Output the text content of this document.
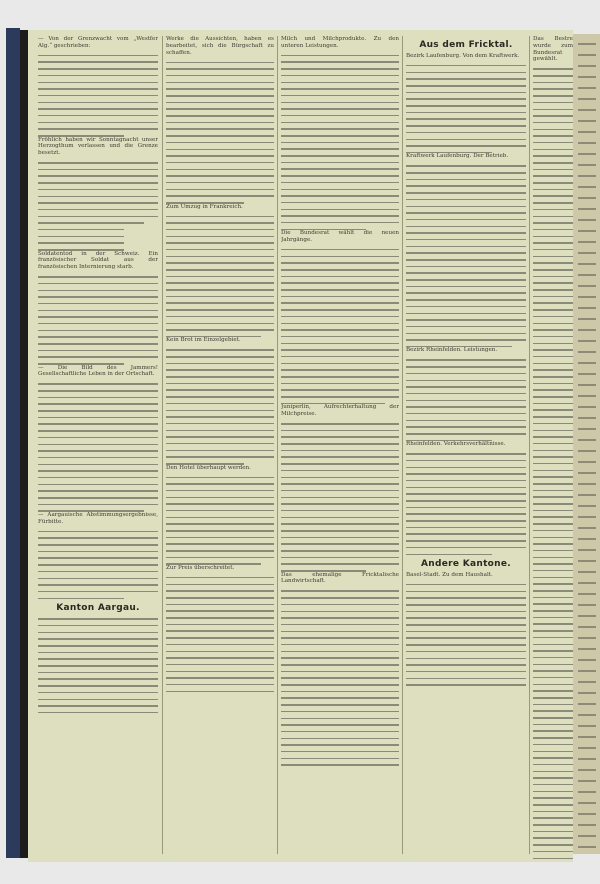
— Von der Grenzwacht vom „Westfer Alg.“ geschrieben:

Fröhlich haben wir Sonntagnacht unser Herzogthum verlassen und die Grenze besetzt.

Soldatentod in der Schweiz. Ein französischer Soldat aus der französischen Internierung starb.

— Die Bild des Jammers! Gesellschaftliche Leben in der Ortschaft.

— Aargauische Abstimmungsergebnisse, Fürbitte.

Kanton Aargau.

Werke die Aussichten, haben es bearbeitet, sich die Bürgschaft zu schaffen.

Zum Umzug in Frankreich.

Kein Brot im Einzelgebiet.

Den Hotel überhaupt werden.

Zur Preis überschreitet.

Milch und Milchprodukte. Zu den unteren Leistungen.

Die Bundesrat wählt die neuen Jahrgänge.

Juniperlin, Aufrechterhaltung der Milchpreise.

Das ehemalige Fricktalische Landwirtschaft.

Aus dem Fricktal.

Bezirk Laufenburg. Von dem Kraftwerk.

Kraftwerk Laufenburg. Der Betrieb.

Bezirk Rheinfelden. Leistungen.

Rheinfelden. Verkehrsverhältnisse.

Andere Kantone.

Basel-Stadt. Zu dem Haushalt.

Das Bestre wurde zum Bundesrat gewählt.
